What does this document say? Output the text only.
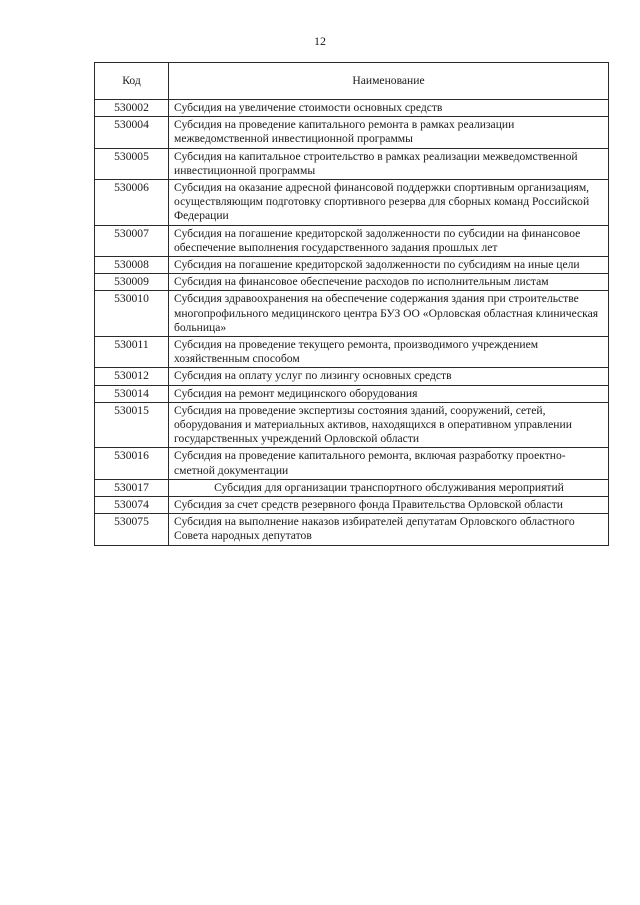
12
Код	Наименование
530002	Субсидия на увеличение стоимости основных средств
530004	Субсидия на проведение капитального ремонта в рамках реализации межведомственной инвестиционной программы
530005	Субсидия на капитальное строительство в рамках реализации межведомственной инвестиционной программы
530006	Субсидия на оказание адресной финансовой поддержки спортивным организациям, осуществляющим подготовку спортивного резерва для сборных команд Российской Федерации
530007	Субсидия на погашение кредиторской задолженности по субсидии на финансовое обеспечение выполнения государственного задания прошлых лет
530008	Субсидия на погашение кредиторской задолженности по субсидиям на иные цели
530009	Субсидия на финансовое обеспечение расходов по исполнительным листам
530010	Субсидия здравоохранения на обеспечение содержания здания при строительстве многопрофильного медицинского центра БУЗ ОО «Орловская областная клиническая больница»
530011	Субсидия на проведение текущего ремонта, производимого учреждением хозяйственным способом
530012	Субсидия на оплату услуг по лизингу основных средств
530014	Субсидия на ремонт медицинского оборудования
530015	Субсидия на проведение экспертизы состояния зданий, сооружений, сетей, оборудования и материальных активов, находящихся в оперативном управлении государственных учреждений Орловской области
530016	Субсидия на проведение капитального ремонта, включая разработку проектно-сметной документации
530017	Субсидия для организации транспортного обслуживания мероприятий
530074	Субсидия за счет средств резервного фонда Правительства Орловской области
530075	Субсидия на выполнение наказов избирателей депутатам Орловского областного Совета народных депутатов
